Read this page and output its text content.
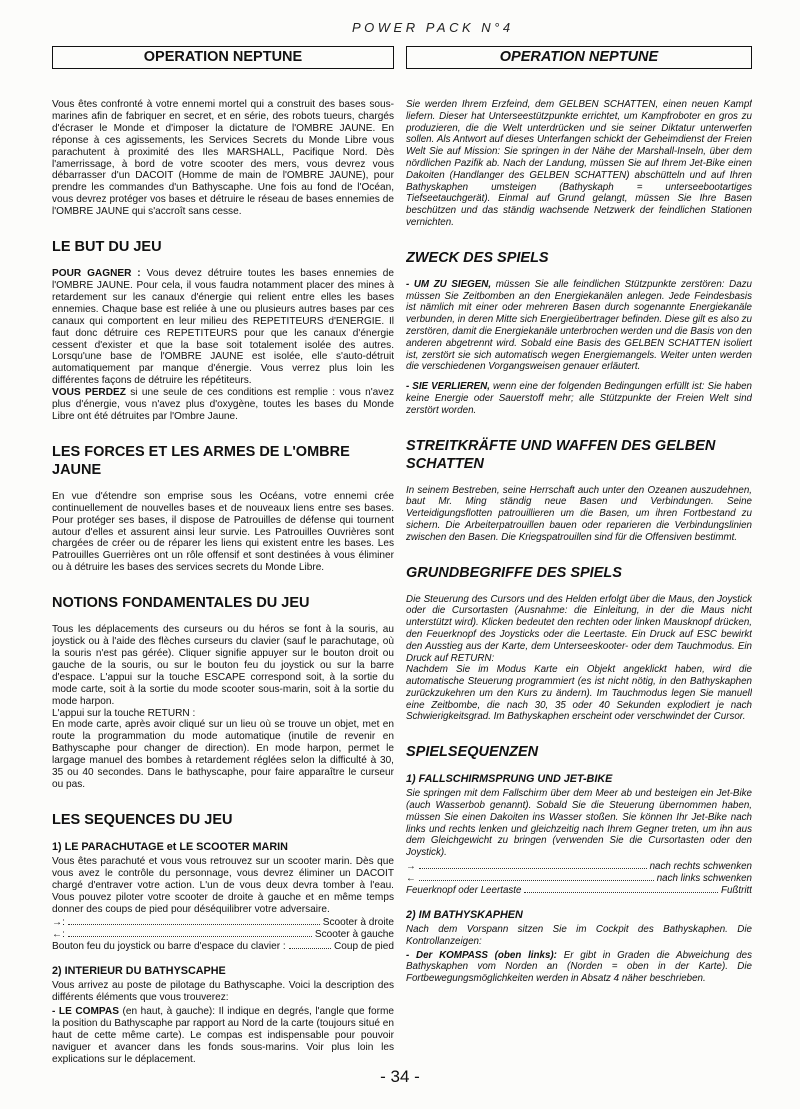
POWER PACK N°4
OPERATION NEPTUNE

Vous êtes confronté à votre ennemi mortel qui a construit des bases sous-marines afin de fabriquer en secret, et en série, des robots tueurs, chargés d'écraser le Monde et d'imposer la dictature de l'OMBRE JAUNE. En réponse à ces agissements, les Services Secrets du Monde Libre vous parachutent à proximité des Iles MARSHALL, Pacifique Nord. Dès l'amerrissage, à bord de votre scooter des mers, vous devrez vous débarrasser d'un DACOIT (Homme de main de l'OMBRE JAUNE), pour prendre les commandes d'un Bathyscaphe. Une fois au fond de l'Océan, vous devrez protéger vos bases et détruire le réseau de bases ennemies de l'OMBRE JAUNE qui s'accroît sans cesse.

LE BUT DU JEU

POUR GAGNER : Vous devez détruire toutes les bases ennemies de l'OMBRE JAUNE. Pour cela, il vous faudra notamment placer des mines à retardement sur les canaux d'énergie qui relient entre elles les bases ennemies. Chaque base est reliée à une ou plusieurs autres bases par ces canaux qui comportent en leur milieu des REPETITEURS d'ENERGIE. Il faut donc détruire ces REPETITEURS pour que les canaux d'énergie cessent d'exister et que la base soit totalement isolée des autres. Lorsqu'une base de l'OMBRE JAUNE est isolée, elle s'auto-détruit automatiquement par manque d'énergie. Vous verrez plus loin les différentes façons de détruire les répétiteurs.

VOUS PERDEZ si une seule de ces conditions est remplie : vous n'avez plus d'énergie, vous n'avez plus d'oxygène, toutes les bases du Monde Libre ont été détruites par l'Ombre Jaune.

LES FORCES ET LES ARMES DE L'OMBRE JAUNE

En vue d'étendre son emprise sous les Océans, votre ennemi crée continuellement de nouvelles bases et de nouveaux liens entre ses bases. Pour protéger ses bases, il dispose de Patrouilles de défense qui tournent autour d'elles et assurent ainsi leur survie. Les Patrouilles Ouvrières sont chargées de créer ou de réparer les liens qui existent entre les bases. Les Patrouilles Guerrières ont un rôle offensif et sont destinées à vous éliminer ou à détruire les bases des services secrets du Monde Libre.

NOTIONS FONDAMENTALES DU JEU

Tous les déplacements des curseurs ou du héros se font à la souris, au joystick ou à l'aide des flèches curseurs du clavier (sauf le parachutage, où la souris n'est pas gérée). Cliquer signifie appuyer sur le bouton droit ou gauche de la souris, ou sur le bouton feu du joystick ou sur la barre d'espace. L'appui sur la touche ESCAPE correspond soit, à la sortie du mode carte, soit à la sortie du mode scooter sous-marin, soit à la sortie du mode harpon.

L'appui sur la touche RETURN :

En mode carte, après avoir cliqué sur un lieu où se trouve un objet, met en route la programmation du mode automatique (inutile de revenir en Bathyscaphe pour changer de direction). En mode harpon, permet le largage manuel des bombes à retardement réglées selon la difficulté à 30, 35 ou 40 secondes. Dans le bathyscaphe, pour faire apparaître le curseur ou pas.

LES SEQUENCES DU JEU
1) LE PARACHUTAGE et LE SCOOTER MARIN

Vous êtes parachuté et vous vous retrouvez sur un scooter marin. Dès que vous avez le contrôle du personnage, vous devrez éliminer un DACOIT chargé d'entraver votre action. L'un de vous deux devra tomber à l'eau. Vous pouvez piloter votre scooter de droite à gauche et en même temps donner des coups de pied pour déséquilibrer votre adversaire.

→:	Scooter à droite
←:	Scooter à gauche
Bouton feu du joystick ou barre d'espace du clavier :	Coup de pied
2) INTERIEUR DU BATHYSCAPHE

Vous arrivez au poste de pilotage du Bathyscaphe. Voici la description des différents éléments que vous trouverez:

- LE COMPAS (en haut, à gauche): Il indique en degrés, l'angle que forme la position du Bathyscaphe par rapport au Nord de la carte (toujours situé en haut de cette même carte). Le compas est indispensable pour pouvoir naviguer et avancer dans les fonds sous-marins. Voir plus loin les explications sur le déplacement.

OPERATION NEPTUNE

Sie werden Ihrem Erzfeind, dem GELBEN SCHATTEN, einen neuen Kampf liefern. Dieser hat Unterseestützpunkte errichtet, um Kampfroboter en gros zu produzieren, die die Welt unterdrücken und sie seiner Diktatur unterwerfen sollen. Als Antwort auf dieses Unterfangen schickt der Geheimdienst der Freien Welt Sie auf Mission: Sie springen in der Nähe der Marshall-Inseln, über dem nördlichen Pazifik ab. Nach der Landung, müssen Sie auf Ihrem Jet-Bike einen Dakoiten (Handlanger des GELBEN SCHATTEN) abschütteln und auf Ihren Bathyskaphen umsteigen (Bathyskaph = unterseebootartiges Tiefseetauchgerät). Einmal auf Grund gelangt, müssen Sie Ihre Basen beschützen und das ständig wachsende Netzwerk der feindlichen Stationen vernichten.

ZWECK DES SPIELS

- UM ZU SIEGEN, müssen Sie alle feindlichen Stützpunkte zerstören: Dazu müssen Sie Zeitbomben an den Energiekanälen anlegen. Jede Feindesbasis ist nämlich mit einer oder mehreren Basen durch sogenannte Energiekanäle verbunden, in deren Mitte sich Energieübertrager befinden. Diese gilt es also zu zerstören, damit die Energiekanäle unterbrochen werden und die Basis von den anderen abgetrennt wird. Sobald eine Basis des GELBEN SCHATTEN isoliert ist, zerstört sie sich automatisch wegen Energiemangels. Weiter unten werden die verschiedenen Vorgangsweisen genauer erläutert.

- SIE VERLIEREN, wenn eine der folgenden Bedingungen erfüllt ist: Sie haben keine Energie oder Sauerstoff mehr; alle Stützpunkte der Freien Welt sind zerstört worden.

STREITKRÄFTE UND WAFFEN DES GELBEN SCHATTEN

In seinem Bestreben, seine Herrschaft auch unter den Ozeanen auszudehnen, baut Mr. Ming ständig neue Basen und Verbindungen. Seine Verteidigungsflotten patrouillieren um die Basen, um ihren Fortbestand zu sichern. Die Arbeiterpatrouillen bauen oder reparieren die Verbindungslinien zwischen den Basen. Die Kriegspatrouillen sind für die Offensiven bestimmt.

GRUNDBEGRIFFE DES SPIELS

Die Steuerung des Cursors und des Helden erfolgt über die Maus, den Joystick oder die Cursortasten (Ausnahme: die Einleitung, in der die Maus nicht unterstützt wird). Klicken bedeutet den rechten oder linken Mausknopf drücken, den Feuerknopf des Joysticks oder die Leertaste. Ein Druck auf ESC bewirkt den Ausstieg aus der Karte, dem Unterseeskooter- oder dem Tauchmodus. Ein Druck auf RETURN:

Nachdem Sie im Modus Karte ein Objekt angeklickt haben, wird die automatische Steuerung programmiert (es ist nicht nötig, in den Bathyskaphen zurückzukehren um den Kurs zu ändern). Im Tauchmodus legen Sie manuell eine Zeitbombe, die nach 30, 35 oder 40 Sekunden explodiert je nach Schwierigkeitsgrad. Im Bathyskaphen erscheint oder verschwindet der Cursor.

SPIELSEQUENZEN
1) FALLSCHIRMSPRUNG UND JET-BIKE

Sie springen mit dem Fallschirm über dem Meer ab und besteigen ein Jet-Bike (auch Wasserbob genannt). Sobald Sie die Steuerung übernommen haben, müssen Sie einen Dakoiten ins Wasser stoßen. Sie können Ihr Jet-Bike nach links und rechts lenken und gleichzeitig nach Ihrem Gegner treten, um ihn aus dem Gleichgewicht zu bringen (verwenden Sie die Cursortasten oder den Joystick).

→	nach rechts schwenken
←	nach links schwenken
Feuerknopf oder Leertaste	Fußtritt
2) IM BATHYSKAPHEN

Nach dem Vorspann sitzen Sie im Cockpit des Bathyskaphen. Die Kontrollanzeigen:

- Der KOMPASS (oben links): Er gibt in Graden die Abweichung des Bathyskaphen vom Norden an (Norden = oben in der Karte). Die Fortbewegungsmöglichkeiten werden in Absatz 4 näher beschrieben.

- 34 -
